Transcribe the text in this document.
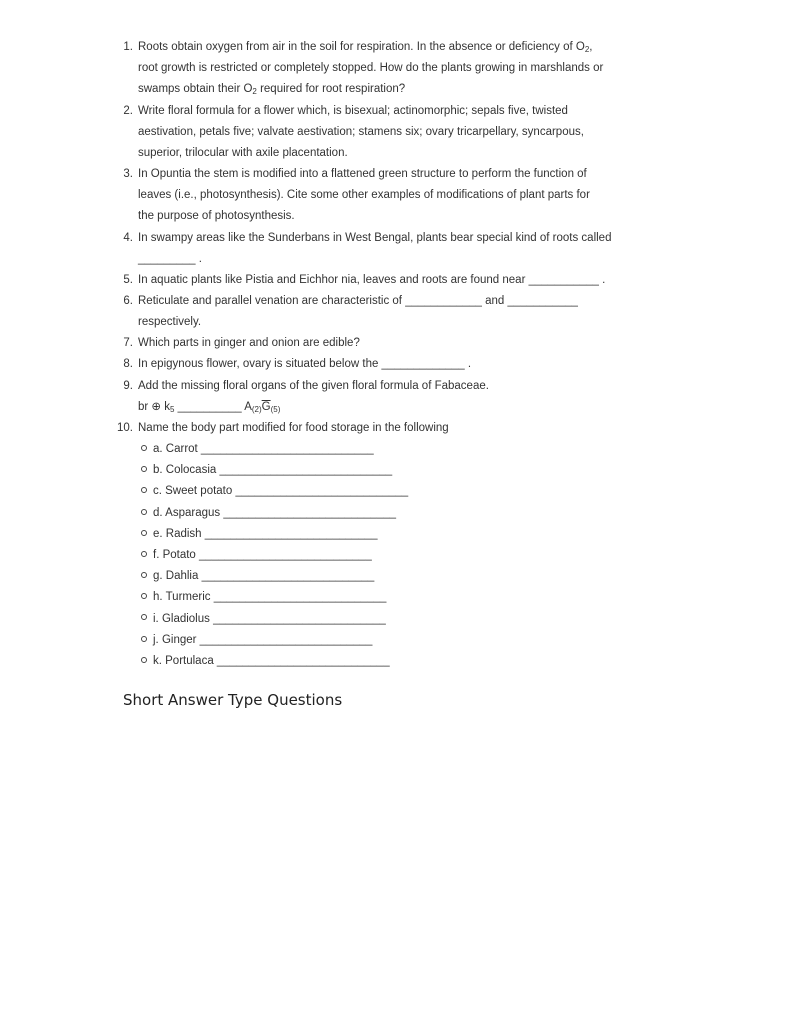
1. Roots obtain oxygen from air in the soil for respiration. In the absence or deficiency of $O_2$,
root growth is restricted or completely stopped. How do the plants growing in marshlands or
swamps obtain their $O_2$ required for root respiration?
2. Write floral formula for a flower which, is bisexual; actinomorphic; sepals five, twisted
aestivation, petals five; valvate aestivation; stamens six; ovary tricarpellary, syncarpous,
superior, trilocular with axile placentation.
3. In Opuntia the stem is modified into a flattened green structure to perform the function of
leaves (i.e., photosynthesis). Cite some other examples of modifications of plant parts for
the purpose of photosynthesis.
4. In swampy areas like the Sunderbans in West Bengal, plants bear special kind of roots called
_________ .
5. In aquatic plants like Pistia and Eichhor nia, leaves and roots are found near ___________ .
6. Reticulate and parallel venation are characteristic of ____________ and ___________
respectively.
7. Which parts in ginger and onion are edible?
8. In epigynous flower, ovary is situated below the _____________ .
9. Add the missing floral organs of the given floral formula of Fabaceae.
br ⊕ $k_5$ __________ $A_{(2)}\overline{G}_{(5)}$
10. Name the body part modified for food storage in the following
a. Carrot ___________________________
b. Colocasia ___________________________
c. Sweet potato ___________________________
d. Asparagus ___________________________
e. Radish ___________________________
f. Potato ___________________________
g. Dahlia ___________________________
h. Turmeric ___________________________
i. Gladiolus ___________________________
j. Ginger ___________________________
k. Portulaca ___________________________
Short Answer Type Questions
